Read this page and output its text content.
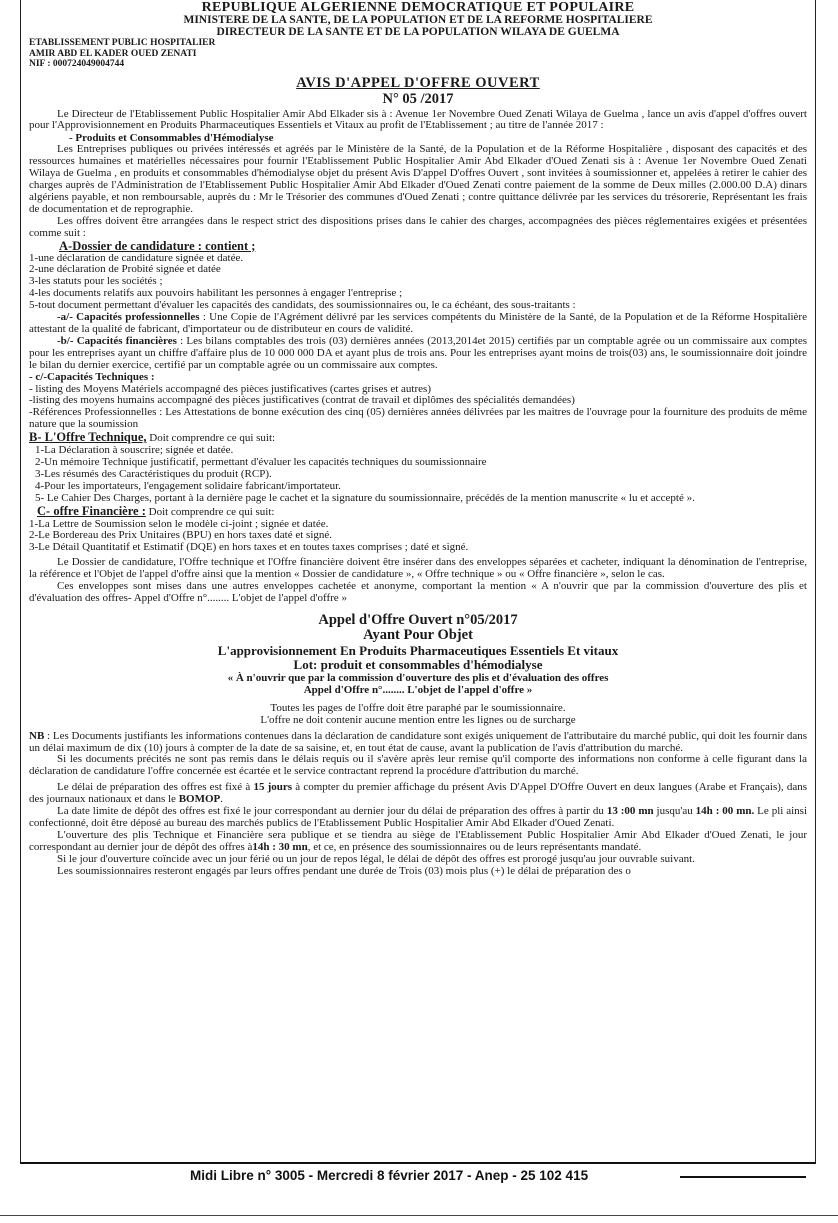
REPUBLIQUE ALGERIENNE DEMOCRATIQUE ET POPULAIRE
MINISTERE DE LA SANTE, DE LA POPULATION ET DE LA REFORME HOSPITALIERE
DIRECTEUR DE LA SANTE ET DE LA POPULATION WILAYA DE GUELMA
ETABLISSEMENT PUBLIC HOSPITALIER
AMIR ABD EL KADER OUED ZENATI
NIF : 000724049004744
AVIS D'APPEL D'OFFRE OUVERT
N° 05 /2017

Le Directeur de l'Etablissement Public Hospitalier Amir Abd Elkader sis à : Avenue 1er Novembre Oued Zenati Wilaya de Guelma , lance un avis d'appel d'offres ouvert pour l'Approvisionnement en Produits Pharmaceutiques Essentiels et Vitaux au profit de l'Etablissement ; au titre de l'année 2017 :

- Produits et Consommables d'Hémodialyse

Les Entreprises publiques ou privées intéressés et agréés par le Ministère de la Santé, de la Population et de la Réforme Hospitalière , disposant des capacités et des ressources humaines et matérielles nécessaires pour fournir l'Etablissement Public Hospitalier Amir Abd Elkader d'Oued Zenati sis à : Avenue 1er Novembre Oued Zenati Wilaya de Guelma , en produits et consommables d'hémodialyse objet du présent Avis D'appel D'offres Ouvert , sont invitées à soumissionner et, appelées à retirer le cahier des charges auprès de l'Administration de l'Etablissement Public Hospitalier Amir Abd Elkader d'Oued Zenati contre paiement de la somme de Deux milles (2.000.00 D.A) dinars algériens payable, et non remboursable, auprès du : Mr le Trésorier des communes d'Oued Zenati ; contre quittance délivrée par les services du trésorerie, Représentant les frais de documentation et de reprographie.

Les offres doivent être arrangées dans le respect strict des dispositions prises dans le cahier des charges, accompagnées des pièces réglementaires exigées et présentées comme suit :

A-Dossier de candidature : contient ;

1-une déclaration de candidature signée et datée.
2-une déclaration de Probité signée et datée
3-les statuts pour les sociétés ;
4-les documents relatifs aux pouvoirs habilitant les personnes à engager l'entreprise ;
5-tout document permettant d'évaluer les capacités des candidats, des soumissionnaires ou, le ca échéant, des sous-traitants :

-a/- Capacités professionnelles : Une Copie de l'Agrément délivré par les services compétents du Ministère de la Santé, de la Population et de la Réforme Hospitalière attestant de la qualité de fabricant, d'importateur ou de distributeur en cours de validité.

-b/- Capacités financières : Les bilans comptables des trois (03) dernières années (2013,2014et 2015) certifiés par un comptable agrée ou un commissaire aux comptes pour les entreprises ayant un chiffre d'affaire plus de 10 000 000 DA et ayant plus de trois ans. Pour les entreprises ayant moins de trois(03) ans, le soumissionnaire doit joindre le bilan du dernier exercice, certifié par un comptable agrée ou un commissaire aux comptes.

- c/-Capacités Techniques :

- listing des Moyens Matériels accompagné des pièces justificatives (cartes grises et autres)
-listing des moyens humains accompagné des pièces justificatives (contrat de travail et diplômes des spécialités demandées)
-Références Professionnelles : Les Attestations de bonne exécution des cinq (05) dernières années délivrées par les maitres de l'ouvrage pour la fourniture des produits de même nature que la soumission

B- L'Offre Technique, Doit comprendre ce qui suit:

1-La Déclaration à souscrire; signée et datée.
2-Un mémoire Technique justificatif, permettant d'évaluer les capacités techniques du soumissionnaire
3-Les résumés des Caractéristiques du produit (RCP).
4-Pour les importateurs, l'engagement solidaire fabricant/importateur.
5- Le Cahier Des Charges, portant à la dernière page le cachet et la signature du soumissionnaire, précédés de la mention manuscrite « lu et accepté ».

C- offre Financière : Doit comprendre ce qui suit:

1-La Lettre de Soumission selon le modèle ci-joint ; signée et datée.
2-Le Bordereau des Prix Unitaires (BPU) en hors taxes daté et signé.
3-Le Détail Quantitatif et Estimatif (DQE) en hors taxes et en toutes taxes comprises ; daté et signé.

Le Dossier de candidature, l'Offre technique et l'Offre financière doivent être insérer dans des enveloppes séparées et cacheter, indiquant la dénomination de l'entreprise, la référence et l'Objet de l'appel d'offre ainsi que la mention « Dossier de candidature », « Offre technique » ou « Offre financière », selon le cas.

Ces enveloppes sont mises dans une autres enveloppes cachetée et anonyme, comportant la mention « A n'ouvrir que par la commission d'ouverture des plis et d'évaluation des offres- Appel d'Offre n°........ L'objet de l'appel d'offre »

Appel d'Offre Ouvert n°05/2017
Ayant Pour Objet
L'approvisionnement En Produits Pharmaceutiques Essentiels Et vitaux
Lot: produit et consommables d'hémodialyse
« À n'ouvrir que par la commission d'ouverture des plis et d'évaluation des offres
Appel d'Offre n°........ L'objet de l'appel d'offre »

Toutes les pages de l'offre doit être paraphé par le soumissionnaire.

L'offre ne doit contenir aucune mention entre les lignes ou de surcharge

NB : Les Documents justifiants les informations contenues dans la déclaration de candidature sont exigés uniquement de l'attributaire du marché public, qui doit les fournir dans un délai maximum de dix (10) jours à compter de la date de sa saisine, et, en tout état de cause, avant la publication de l'avis d'attribution du marché.

Si les documents précités ne sont pas remis dans le délais requis ou il s'avère après leur remise qu'il comporte des informations non conforme à celle figurant dans la déclaration de candidature l'offre concernée est écartée et le service contractant reprend la procédure d'attribution du marché.

Le délai de préparation des offres est fixé à 15 jours à compter du premier affichage du présent Avis D'Appel D'Offre Ouvert en deux langues (Arabe et Français), dans des journaux nationaux et dans le BOMOP.

La date limite de dépôt des offres est fixé le jour correspondant au dernier jour du délai de préparation des offres à partir du 13 :00 mn jusqu'au 14h : 00 mn. Le pli ainsi confectionné, doit être déposé au bureau des marchés publics de l'Etablissement Public Hospitalier Amir Abd Elkader d'Oued Zenati.

L'ouverture des plis Technique et Financière sera publique et se tiendra au siège de l'Etablissement Public Hospitalier Amir Abd Elkader d'Oued Zenati, le jour correspondant au dernier jour de dépôt des offres à14h : 30 mn, et ce, en présence des soumissionnaires ou de leurs représentants mandaté.

Si le jour d'ouverture coïncide avec un jour férié ou un jour de repos légal, le délai de dépôt des offres est prorogé jusqu'au jour ouvrable suivant.

Les soumissionnaires resteront engagés par leurs offres pendant une durée de Trois (03) mois plus (+) le délai de préparation des o

Midi Libre n° 3005 - Mercredi 8 février 2017 - Anep - 25 102 415
